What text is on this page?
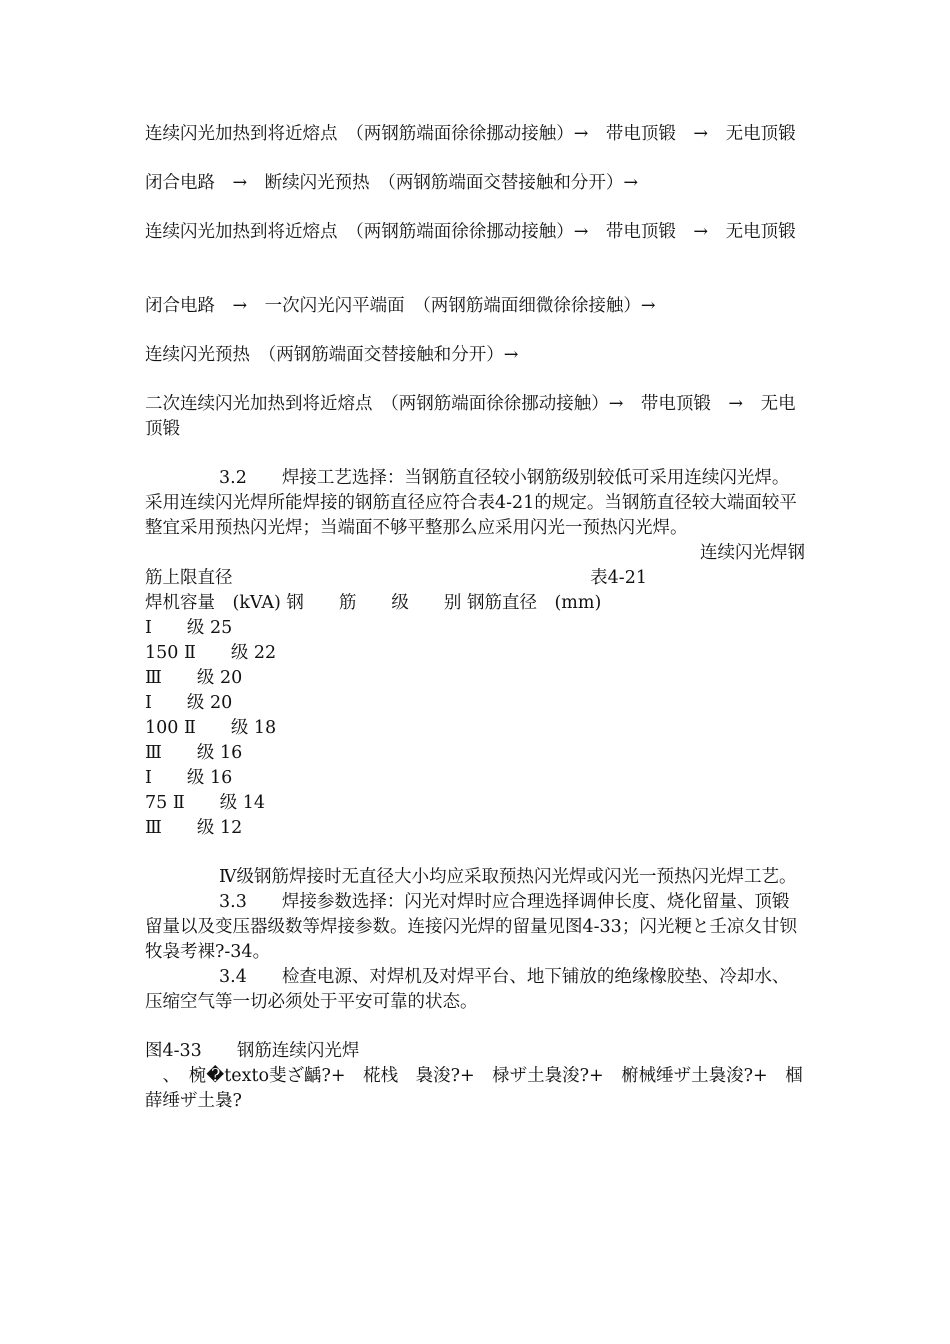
连续闪光加热到将近熔点　（两钢筋端面徐徐挪动接触）→　带电顶锻　→　无电顶锻

闭合电路　→　断续闪光预热　（两钢筋端面交替接触和分开）→

连续闪光加热到将近熔点　（两钢筋端面徐徐挪动接触）→　带电顶锻　→　无电顶锻

闭合电路　→　一次闪光闪平端面　（两钢筋端面细微徐徐接触）→

连续闪光预热　（两钢筋端面交替接触和分开）→

二次连续闪光加热到将近熔点　（两钢筋端面徐徐挪动接触）→　带电顶锻　→　无电顶锻

3.2　　焊接工艺选择：当钢筋直径较小钢筋级别较低可采用连续闪光焊。采用连续闪光焊所能焊接的钢筋直径应符合表4-21的规定。当钢筋直径较大端面较平整宜采用预热闪光焊；当端面不够平整那么应采用闪光一预热闪光焊。

连续闪光焊钢

筋上限直径	表4-21
焊机容量　(kVA) 钢　　筋　　级　　别 钢筋直径　(mm)
Ⅰ　　级 25
150 Ⅱ　　级 22
Ⅲ　　级 20
Ⅰ　　级 20
100 Ⅱ　　级 18
Ⅲ　　级 16
Ⅰ　　级 16
75 Ⅱ　　级 14
Ⅲ　　级 12

Ⅳ级钢筋焊接时无直径大小均应采取预热闪光焊或闪光一预热闪光焊工艺。

3.3　　焊接参数选择：闪光对焊时应合理选择调伸长度、烧化留量、顶锻留量以及变压器级数等焊接参数。连接闪光焊的留量见图4-33；闪光粳と壬凉夂甘钡牧袅考裸?-34。

3.4　　检查电源、对焊机及对焊平台、地下铺放的绝缘橡胶垫、冷却水、压缩空气等一切必须处于平安可靠的状态。

图4-33　　钢筋连续闪光焊

　、　椀�texto斐ざ齲?+　椛栈　裊浚?+　椂ザ土裊浚?+　椨械缍ザ土裊浚?+　椢薛缍ザ土裊?
